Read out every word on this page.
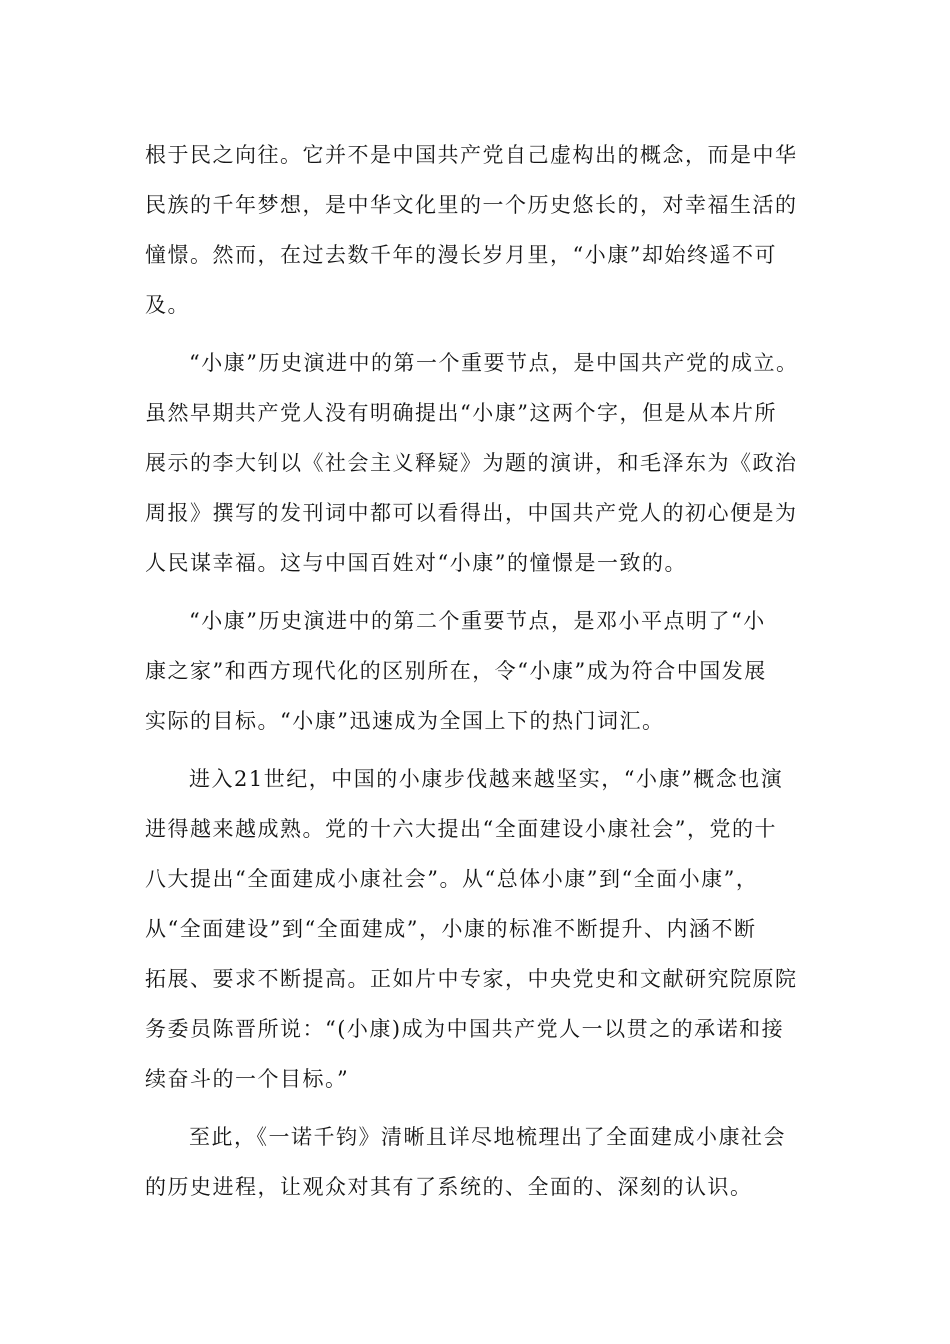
根于民之向往。它并不是中国共产党自己虚构出的概念，而是中华
民族的千年梦想，是中华文化里的一个历史悠长的，对幸福生活的
憧憬。然而，在过去数千年的漫长岁月里，“小康”却始终遥不可
及。
“小康”历史演进中的第一个重要节点，是中国共产党的成立。
虽然早期共产党人没有明确提出“小康”这两个字，但是从本片所
展示的李大钊以《社会主义释疑》为题的演讲，和毛泽东为《政治
周报》撰写的发刊词中都可以看得出，中国共产党人的初心便是为
人民谋幸福。这与中国百姓对“小康”的憧憬是一致的。
“小康”历史演进中的第二个重要节点，是邓小平点明了“小
康之家”和西方现代化的区别所在，令“小康”成为符合中国发展
实际的目标。“小康”迅速成为全国上下的热门词汇。
进入21世纪，中国的小康步伐越来越坚实，“小康”概念也演
进得越来越成熟。党的十六大提出“全面建设小康社会”，党的十
八大提出“全面建成小康社会”。从“总体小康”到“全面小康”，
从“全面建设”到“全面建成”，小康的标准不断提升、内涵不断
拓展、要求不断提高。正如片中专家，中央党史和文献研究院原院
务委员陈晋所说：“(小康)成为中国共产党人一以贯之的承诺和接
续奋斗的一个目标。”
至此，《一诺千钧》清晰且详尽地梳理出了全面建成小康社会
的历史进程，让观众对其有了系统的、全面的、深刻的认识。
